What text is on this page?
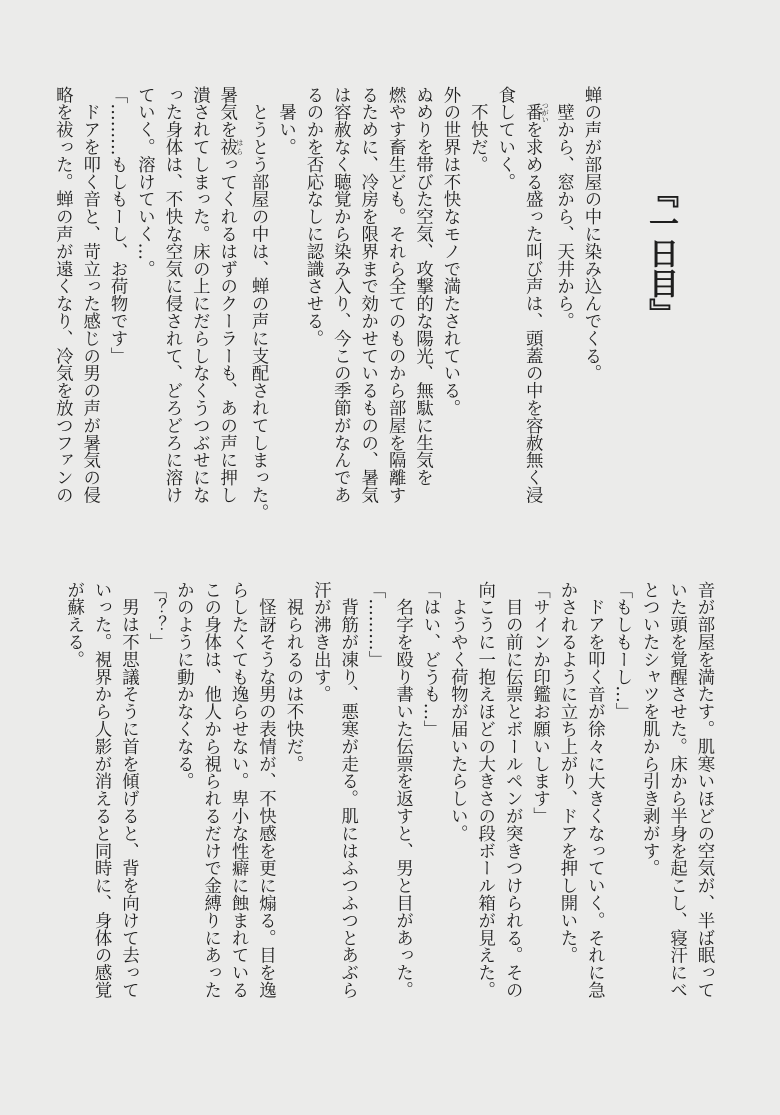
『一日目』
蝉の声が部屋の中に染み込んでくる。
　壁から、窓から、天井から。
　番 つがいを求める盛った叫び声は、頭蓋の中を容赦無く浸
食していく。
　不快だ。
外の世界は不快なモノで満たされている。
ぬめりを帯びた空気、攻撃的な陽光、無駄に生気を
燃やす畜生ども。それら全てのものから部屋を隔離す
るために、冷房を限界まで効かせているものの、暑気
は容赦なく聴覚から染み入り、今この季節がなんであ
るのかを否応なしに認識させる。
　暑い。
　とうとう部屋の中は、蝉の声に支配されてしまった。
暑気を祓 はらってくれるはずのクーラーも、あの声に押し
潰されてしまった。床の上にだらしなくうつぶせにな
った身体は、不快な空気に侵されて、どろどろに溶け
ていく。溶けていく…。
「………もしもーし、お荷物です」
　ドアを叩く音と、苛立った感じの男の声が暑気の侵
略を祓った。蝉の声が遠くなり、冷気を放つファンの
音が部屋を満たす。肌寒いほどの空気が、半ば眠って
いた頭を覚醒させた。床から半身を起こし、寝汗にべ
とついたシャツを肌から引き剥がす。
「もしもーし…」
　ドアを叩く音が徐々に大きくなっていく。それに急
かされるように立ち上がり、ドアを押し開いた。
「サインか印鑑お願いします」
　目の前に伝票とボールペンが突きつけられる。その
向こうに一抱えほどの大きさの段ボール箱が見えた。
　ようやく荷物が届いたらしい。
「はい、どうも…」
　名字を殴り書いた伝票を返すと、男と目があった。
「………」
　背筋が凍り、悪寒が走る。肌にはふつふつとあぶら
汗が沸き出す。
　視られるのは不快だ。
　怪訝そうな男の表情が、不快感を更に煽る。目を逸
らしたくても逸らせない。卑小な性癖に蝕まれている
この身体は、他人から視られるだけで金縛りにあった
かのように動かなくなる。
「？？」
　男は不思議そうに首を傾げると、背を向けて去って
いった。視界から人影が消えると同時に、身体の感覚
が蘇える。
